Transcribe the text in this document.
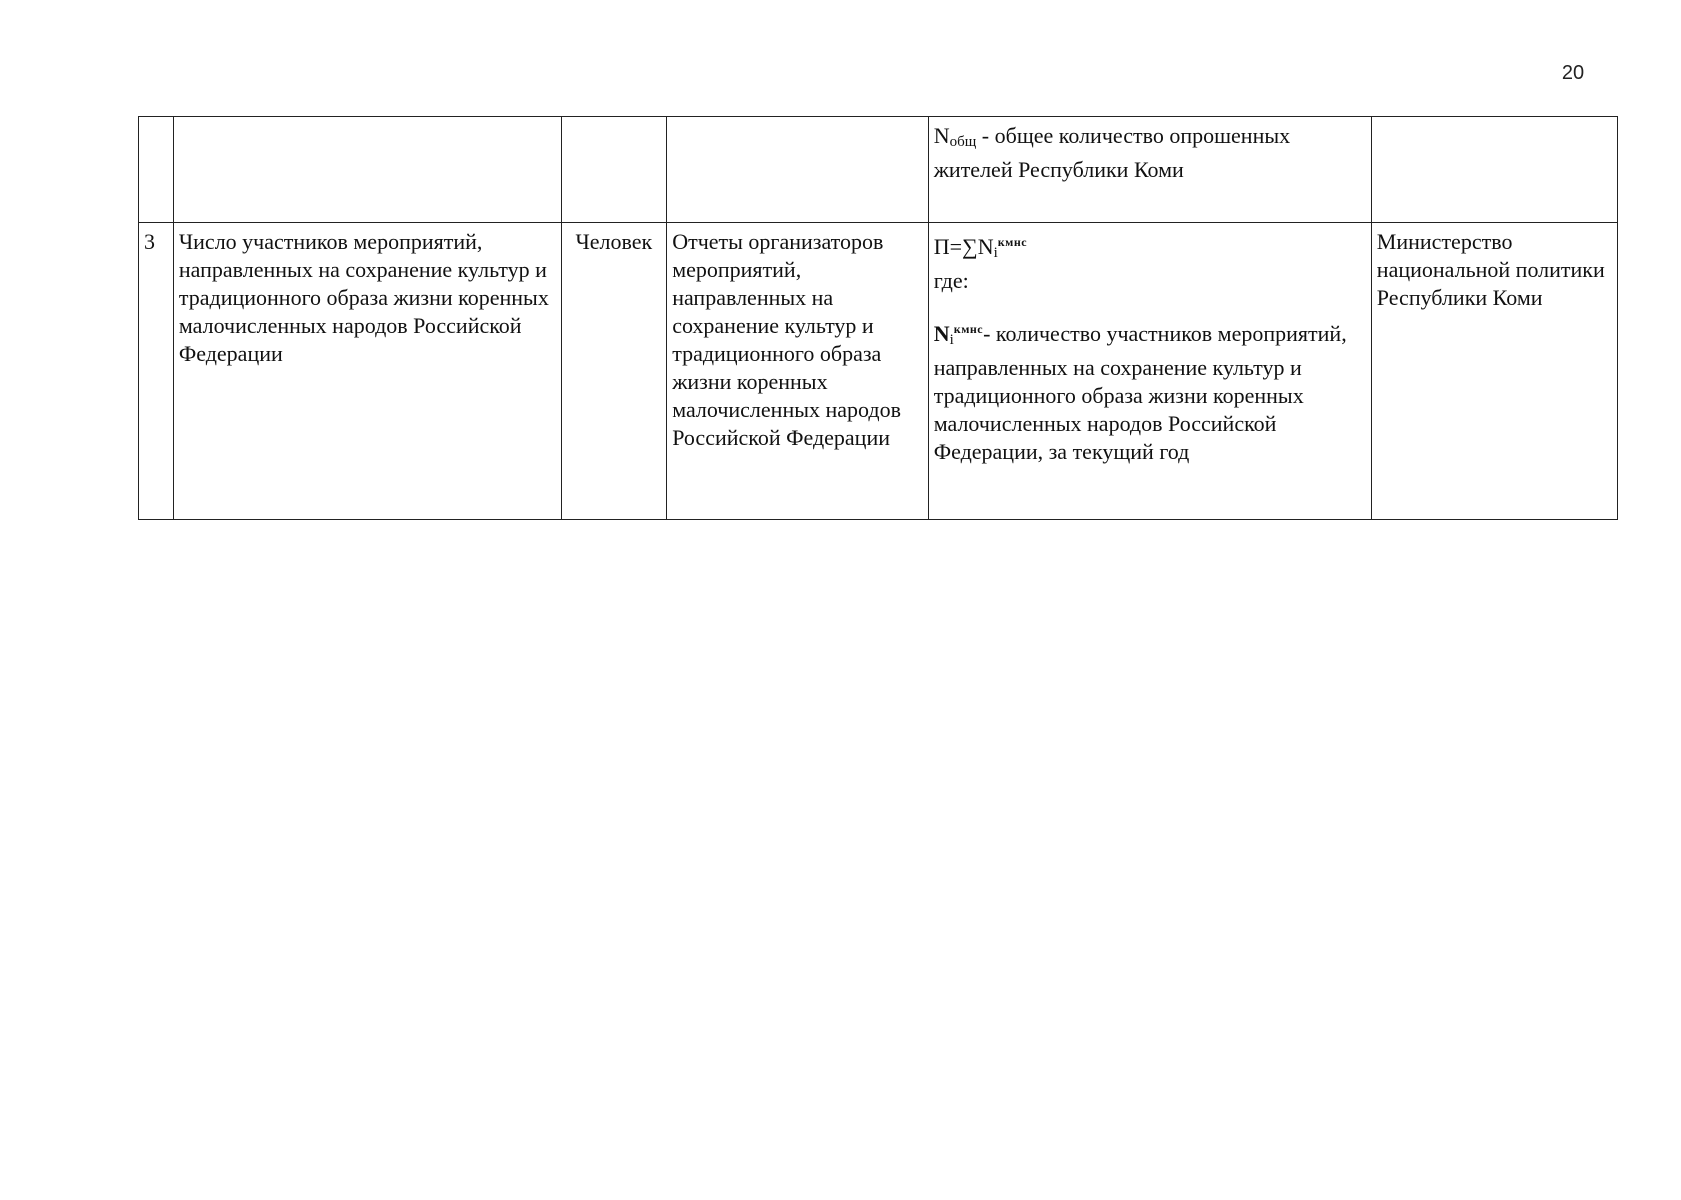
20
				$N_{общ}$ - общее количество опрошенных жителей Республики Коми	
3	Число участников мероприятий, направленных на сохранение культур и традиционного образа жизни коренных малочисленных народов Российской Федерации	Человек	Отчеты организаторов мероприятий, направленных на сохранение культур и традиционного образа жизни коренных малочисленных народов Российской Федерации	$П=\sum N_i^{кмнс}$
где:
$N_i^{кмнс}-$ количество участников мероприятий, направленных на сохранение культур и традиционного образа жизни коренных малочисленных народов Российской Федерации, за текущий год	Министерство национальной политики Республики Коми
